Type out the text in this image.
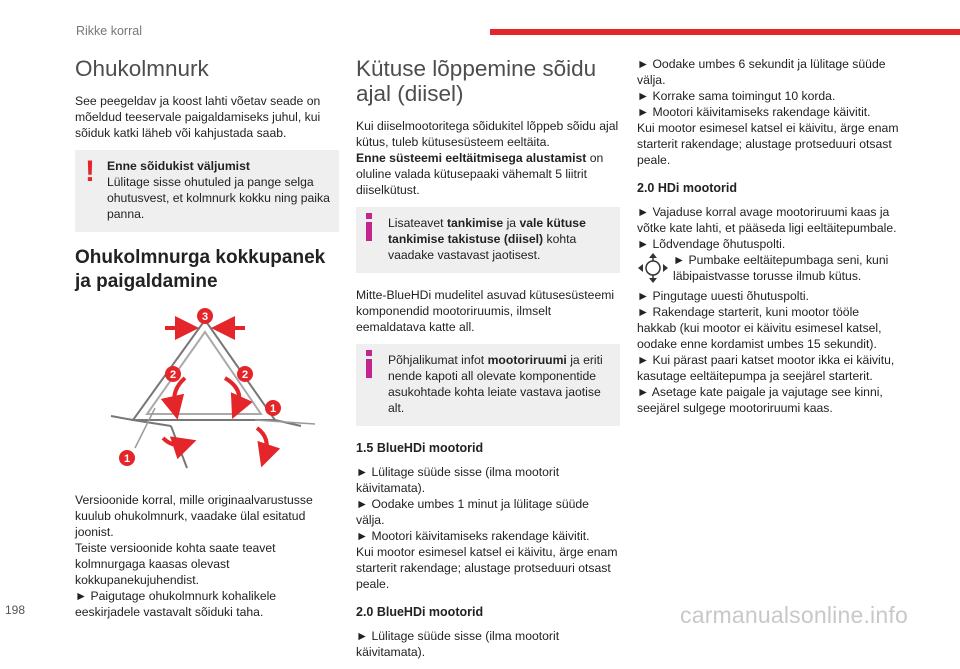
Rikke korral
Ohukolmnurk

See peegeldav ja koost lahti võetav seade on mõeldud teeservale paigaldamiseks juhul, kui sõiduk katki läheb või kahjustada saab.

! Enne sõidukist väljumist
Lülitage sisse ohutuled ja pange selga ohutusvest, et kolmnurk kokku ning paika panna.
Ohukolmnurga kokkupanek ja paigaldamine
1
1
2	2
3

Versioonide korral, mille originaalvarustusse kuulub ohukolmnurk, vaadake ülal esitatud joonist.
Teiste versioonide kohta saate teavet kolmnurgaga kaasas olevast kokkupanekujuhendist.
► Paigutage ohukolmnurk kohalikele eeskirjadele vastavalt sõiduki taha.

Kütuse lõppemine sõidu ajal (diisel)

Kui diiselmootoritega sõidukitel lõppeb sõidu ajal kütus, tuleb kütusesüsteem eeltäita.
Enne süsteemi eeltäitmisega alustamist on oluline valada kütusepaaki vähemalt 5 liitrit diiselkütust.

Lisateavet tankimise ja vale kütuse tankimise takistuse (diisel) kohta vaadake vastavast jaotisest.

Mitte-BlueHDi mudelitel asuvad kütusesüsteemi komponendid mootoriruumis, ilmselt eemaldatava katte all.

Põhjalikumat infot mootoriruumi ja eriti nende kapoti all olevate komponentide asukohtade kohta leiate vastava jaotise alt.
1.5 BlueHDi mootorid

► Lülitage süüde sisse (ilma mootorit käivitamata).
► Oodake umbes 1 minut ja lülitage süüde välja.
► Mootori käivitamiseks rakendage käivitit.
Kui mootor esimesel katsel ei käivitu, ärge enam starterit rakendage; alustage protseduuri otsast peale.

2.0 BlueHDi mootorid

► Lülitage süüde sisse (ilma mootorit käivitamata).

► Oodake umbes 6 sekundit ja lülitage süüde välja.
► Korrake sama toimingut 10 korda.
► Mootori käivitamiseks rakendage käivitit.
Kui mootor esimesel katsel ei käivitu, ärge enam starterit rakendage; alustage protseduuri otsast peale.

2.0 HDi mootorid
► Vajaduse korral avage mootoriruumi kaas ja võtke kate lahti, et pääseda ligi eeltäitepumbale.
► Lõdvendage õhutuspolti.
► Pumbake eeltäitepumbaga seni, kuni läbipaistvasse torusse ilmub kütus.
► Pingutage uuesti õhutuspolti.
► Rakendage starterit, kuni mootor tööle hakkab (kui mootor ei käivitu esimesel katsel, oodake enne kordamist umbes 15 sekundit).
► Kui pärast paari katset mootor ikka ei käivitu, kasutage eeltäitepumpa ja seejärel starterit.
► Asetage kate paigale ja vajutage see kinni, seejärel sulgege mootoriruumi kaas.
198	carmanualsonline.info
